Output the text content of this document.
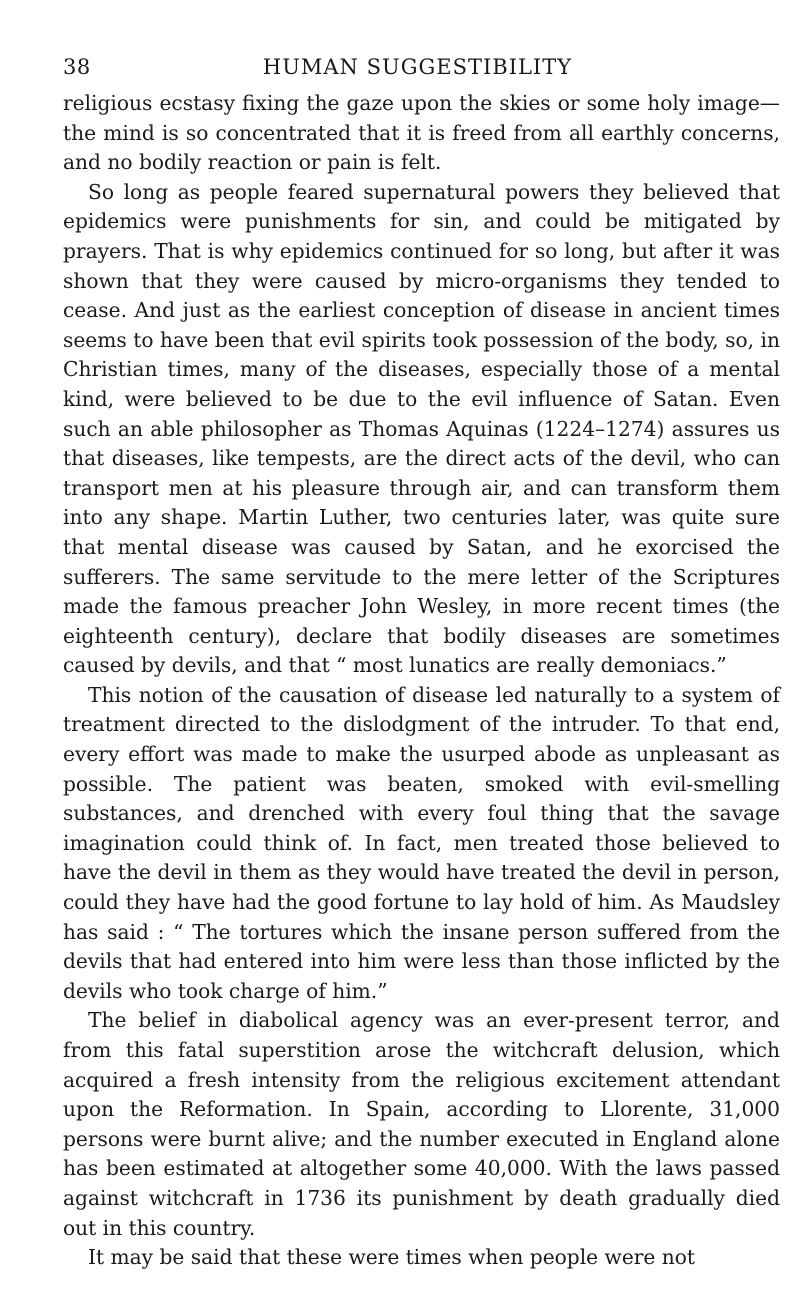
38	HUMAN SUGGESTIBILITY

religious ecstasy fixing the gaze upon the skies or some holy image—the mind is so concentrated that it is freed from all earthly concerns, and no bodily reaction or pain is felt.

So long as people feared supernatural powers they believed that epidemics were punishments for sin, and could be mitigated by prayers. That is why epidemics continued for so long, but after it was shown that they were caused by micro-organisms they tended to cease. And just as the earliest conception of disease in ancient times seems to have been that evil spirits took possession of the body, so, in Christian times, many of the diseases, especially those of a mental kind, were believed to be due to the evil influence of Satan. Even such an able philosopher as Thomas Aquinas (1224–1274) assures us that diseases, like tempests, are the direct acts of the devil, who can transport men at his pleasure through air, and can transform them into any shape. Martin Luther, two centuries later, was quite sure that mental disease was caused by Satan, and he exorcised the sufferers. The same servitude to the mere letter of the Scriptures made the famous preacher John Wesley, in more recent times (the eighteenth century), declare that bodily diseases are sometimes caused by devils, and that “ most lunatics are really demoniacs.”

This notion of the causation of disease led naturally to a system of treatment directed to the dislodgment of the intruder. To that end, every effort was made to make the usurped abode as unpleasant as possible. The patient was beaten, smoked with evil-smelling substances, and drenched with every foul thing that the savage imagination could think of. In fact, men treated those believed to have the devil in them as they would have treated the devil in person, could they have had the good fortune to lay hold of him. As Maudsley has said : “ The tortures which the insane person suffered from the devils that had entered into him were less than those inflicted by the devils who took charge of him.”

The belief in diabolical agency was an ever-present terror, and from this fatal superstition arose the witchcraft delusion, which acquired a fresh intensity from the religious excitement attendant upon the Reformation. In Spain, according to Llorente, 31,000 persons were burnt alive; and the number executed in England alone has been estimated at altogether some 40,000. With the laws passed against witchcraft in 1736 its punishment by death gradually died out in this country.

It may be said that these were times when people were not
